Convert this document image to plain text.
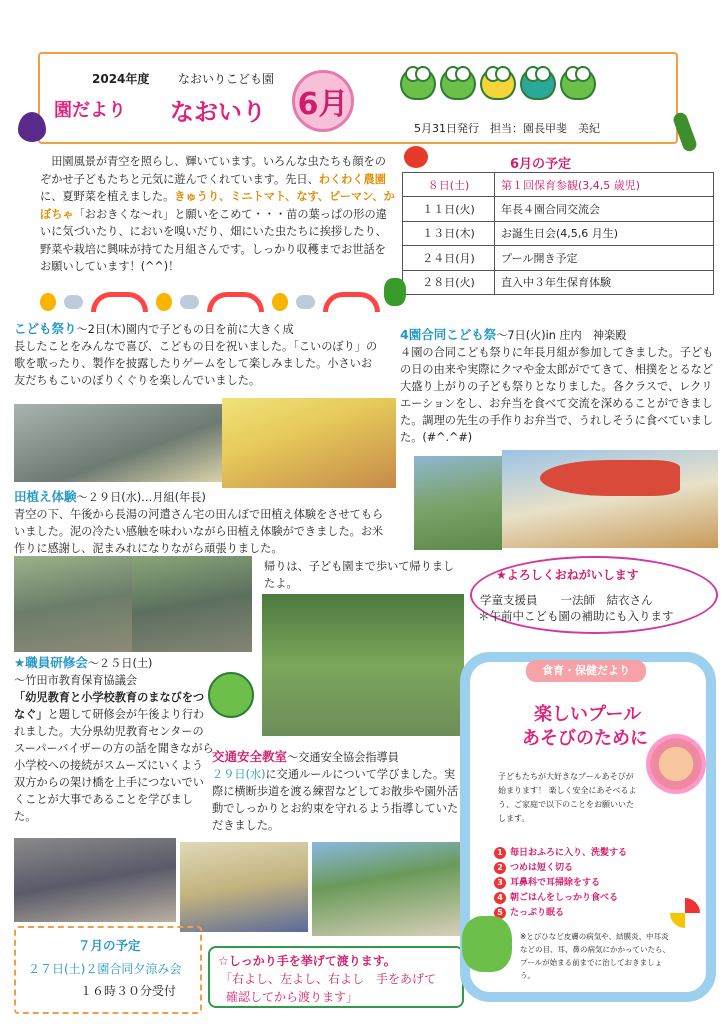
2024年度 なおいりこども園
園だより なおいり 6月
5月31日発行　担当：園長甲斐　美紀
田園風景が青空を照らし、輝いています。いろんな虫たちも顔をのぞかせ子どもたちと元気に遊んでくれています。先日、わくわく農園に、夏野菜を植えました。きゅうり、ミニトマト、なす、ピーマン、かぼちゃ「おおきくな〜れ」と願いをこめて・・・苗の葉っぱの形の違いに気づいたり、においを嗅いだり、畑にいた虫たちに挨拶したり、野菜や栽培に興味が持てた月組さんです。しっかり収穫までお世話をお願いしています！(^^)！
6月の予定
８日(土)	第１回保育参観(3,4,5 歳児)
１１日(火)	年長４園合同交流会
１３日(木)	お誕生日会(4,5,6 月生)
２４日(月)	プール開き予定
２８日(火)	直入中３年生保育体験
こども祭り～2日(木)園内で子どもの日を前に大きく成
長したことをみんなで喜び、こどもの日を祝いました。「こいのぼり」の歌を歌ったり、製作を披露したりゲームをして楽しみました。小さいお友だちもこいのぼりくぐりを楽しんでいました。
田植え体験～２９日(水)…月組(年長)
青空の下、午後から長湯の河遣さん宅の田んぼで田植え体験をさせてもらいました。泥の冷たい感触を味わいながら田植え体験ができました。お米作りに感謝し、泥まみれになりながら頑張りました。
帰りは、子ども園まで歩いて帰りましたよ。
4園合同こども祭～7日(火)in 庄内　神楽殿
４園の合同こども祭りに年長月組が参加してきました。子どもの日の由来や実際にクマや金太郎がでてきて、相撲をとるなど大盛り上がりの子ども祭りとなりました。各クラスで、レクリエーションをし、お弁当を食べて交流を深めることができました。調理の先生の手作りお弁当で、うれしそうに食べていました。(#^.^#)
★よろしくおねがいします
学童支援員　　 一法師　結衣さん
＊午前中こども園の補助にも入ります
★職員研修会～２５日(土)
～竹田市教育保育協議会
「幼児教育と小学校教育のまなびをつなぐ」と題して研修会が午後より行われました。大分県幼児教育センターのスーパーバイザーの方の話を聞きながら小学校への接続がスムーズにいくよう双方からの架け橋を上手につないでいくことが大事であることを学びました。
交通安全教室～交通安全協会指導員
２９日(水)に交通ルールについて学びました。実際に横断歩道を渡る練習などしてお散歩や園外活動でしっかりとお約束を守れるよう指導していただきました。
７月の予定
２７日(土)２園合同夕涼み会
１６時３０分受付
☆しっかり手を挙げて渡ります。
「右よし、左よし、右よし　手をあげて
確認してから渡ります」
食育・保健だより
楽しいプール
あそびのために
子どもたちが大好きなプールあそびが始まります！ 楽しく安全にあそべるよう、ご家庭で以下のことをお願いいたします。
1 毎日おふろに入り、洗髪する
2 つめは短く切る
3 耳鼻科で耳掃除をする
4 朝ごはんをしっかり食べる
5 たっぷり眠る
※とびひなど皮膚の病気や、結膜炎、中耳炎などの目、耳、鼻の病気にかかっていたら、プールが始まる前までに治しておきましょう。
